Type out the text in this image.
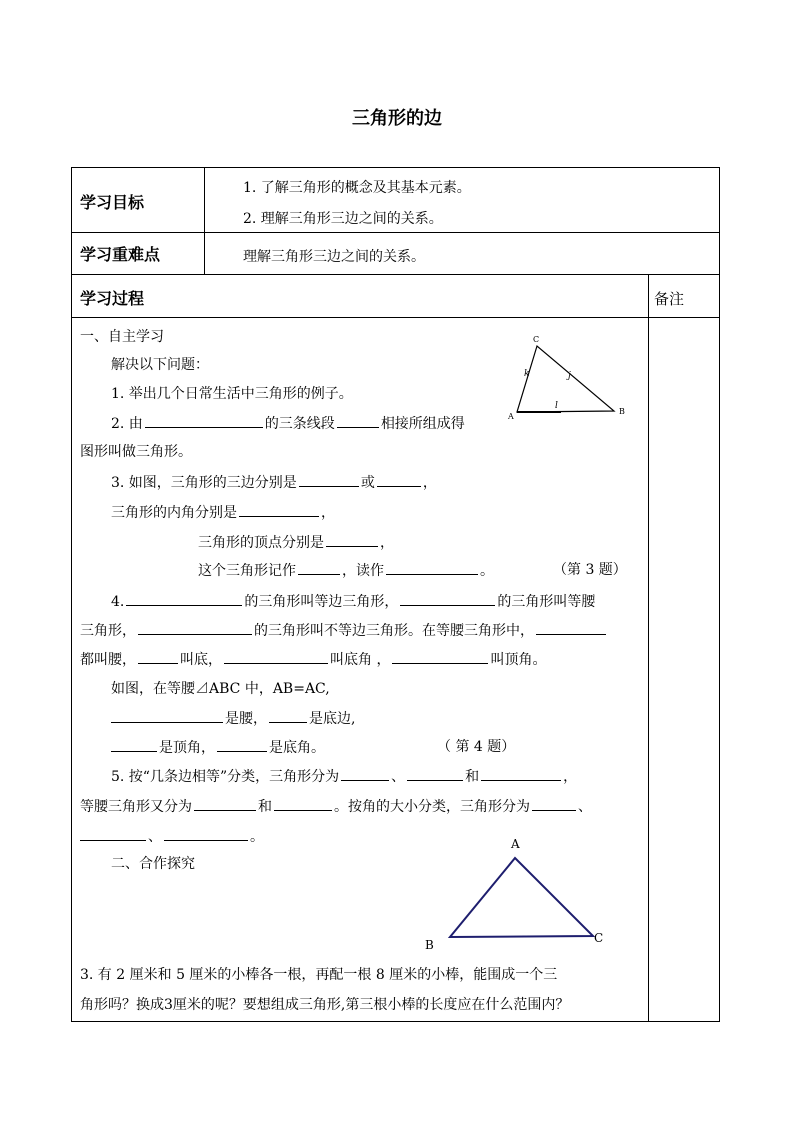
三角形的边
学习目标
1. 了解三角形的概念及其基本元素。
2. 理解三角形三边之间的关系。
学习重难点	理解三角形三边之间的关系。
学习过程	备注
一、自主学习
解决以下问题：
1. 举出几个日常生活中三角形的例子。
2. 由	的三条线段	相接所组成得
图形叫做三角形。
3. 如图，三角形的三边分别是	或	，
三角形的内角分别是	，
三角形的顶点分别是	，
这个三角形记作	，读作	。	（第 3 题）
4.	的三角形叫等边三角形，	的三角形叫等腰
三角形，	的三角形叫不等边三角形。在等腰三角形中，
都叫腰，	叫底，	叫底角 ，	叫顶角。
如图，在等腰⊿ABC 中，AB=AC,
是腰，	是底边,
是顶角，	是底角。	（ 第 4 题）
5. 按“几条边相等”分类，三角形分为	、	和	，
等腰三角形又分为	和	。按角的大小分类，三角形分为	、
、	。
二、合作探究
3. 有 2 厘米和 5 厘米的小棒各一根，再配一根 8 厘米的小棒，能围成一个三
角形吗？换成3厘米的呢？要想组成三角形,第三根小棒的长度应在什么范围内？
C
A
B
k	j
l
A
B	C
